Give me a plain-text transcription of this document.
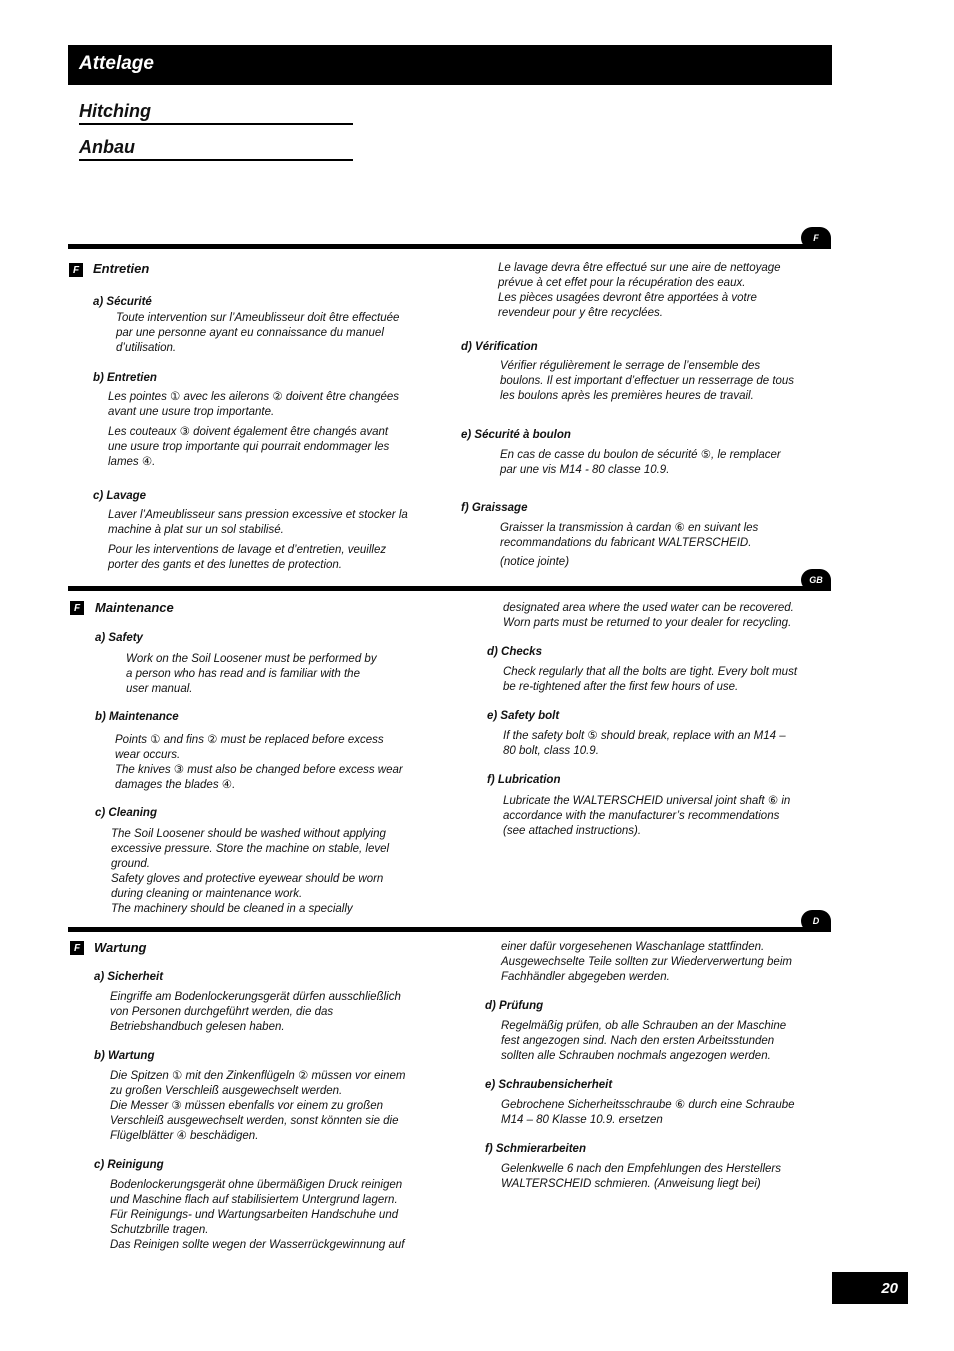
Attelage
Hitching
Anbau
F
F	Entretien
a) Sécurité
Toute intervention sur l’Ameublisseur doit être effectuée
par une personne ayant eu connaissance du manuel
d’utilisation.
b) Entretien
Les pointes ① avec les ailerons ② doivent être changées
avant une usure trop importante.
Les couteaux ③ doivent également être changés avant
une usure trop importante qui pourrait endommager les
lames ④.
c) Lavage
Laver l’Ameublisseur sans pression excessive et stocker la
machine à plat sur un sol stabilisé.
Pour les interventions de lavage et d’entretien, veuillez
porter des gants et des lunettes de protection.
Le lavage devra être effectué sur une aire de nettoyage
prévue à cet effet pour la récupération des eaux.
Les pièces usagées devront être apportées à votre
revendeur pour y être recyclées.
d) Vérification
Vérifier régulièrement le serrage de l’ensemble des
boulons. Il est important d’effectuer un resserrage de tous
les boulons après les premières heures de travail.
e) Sécurité à boulon
En cas de casse du boulon de sécurité ⑤, le remplacer
par une vis M14 - 80 classe 10.9.
f) Graissage
Graisser la transmission à cardan ⑥ en suivant les
recommandations du fabricant WALTERSCHEID.
(notice jointe)
GB
F	Maintenance
a) Safety
Work on the Soil Loosener must be performed by
a person who has read and is familiar with the
user manual.
b) Maintenance
Points ① and fins ② must be replaced before excess
wear occurs.
The knives ③ must also be changed before excess wear
damages the blades ④.
c) Cleaning
The Soil Loosener should be washed without applying
excessive pressure. Store the machine on stable, level
ground.
Safety gloves and protective eyewear should be worn
during cleaning or maintenance work.
The machinery should be cleaned in a specially
designated area where the used water can be recovered.
Worn parts must be returned to your dealer for recycling.
d) Checks
Check regularly that all the bolts are tight. Every bolt must
be re-tightened after the first few hours of use.
e) Safety bolt
If the safety bolt ⑤ should break, replace with an M14 –
80 bolt, class 10.9.
f) Lubrication
Lubricate the WALTERSCHEID universal joint shaft ⑥ in
accordance with the manufacturer’s recommendations
(see attached instructions).
D
F	Wartung
a) Sicherheit
Eingriffe am Bodenlockerungsgerät dürfen ausschließlich
von Personen durchgeführt werden, die das
Betriebshandbuch gelesen haben.
b) Wartung
Die Spitzen ① mit den Zinkenflügeln ② müssen vor einem
zu großen Verschleiß ausgewechselt werden.
Die Messer ③ müssen ebenfalls vor einem zu großen
Verschleiß ausgewechselt werden, sonst könnten sie die
Flügelblätter ④ beschädigen.
c) Reinigung
Bodenlockerungsgerät ohne übermäßigen Druck reinigen
und Maschine flach auf stabilisiertem Untergrund lagern.
Für Reinigungs- und Wartungsarbeiten Handschuhe und
Schutzbrille tragen.
Das Reinigen sollte wegen der Wasserrückgewinnung auf
einer dafür vorgesehenen Waschanlage stattfinden.
Ausgewechselte Teile sollten zur Wiederverwertung beim
Fachhändler abgegeben werden.
d) Prüfung
Regelmäßig prüfen, ob alle Schrauben an der Maschine
fest angezogen sind. Nach den ersten Arbeitsstunden
sollten alle Schrauben nochmals angezogen werden.
e) Schraubensicherheit
Gebrochene Sicherheitsschraube ⑥ durch eine Schraube
M14 – 80 Klasse 10.9. ersetzen
f) Schmierarbeiten
Gelenkwelle 6 nach den Empfehlungen des Herstellers
WALTERSCHEID schmieren. (Anweisung liegt bei)
20
